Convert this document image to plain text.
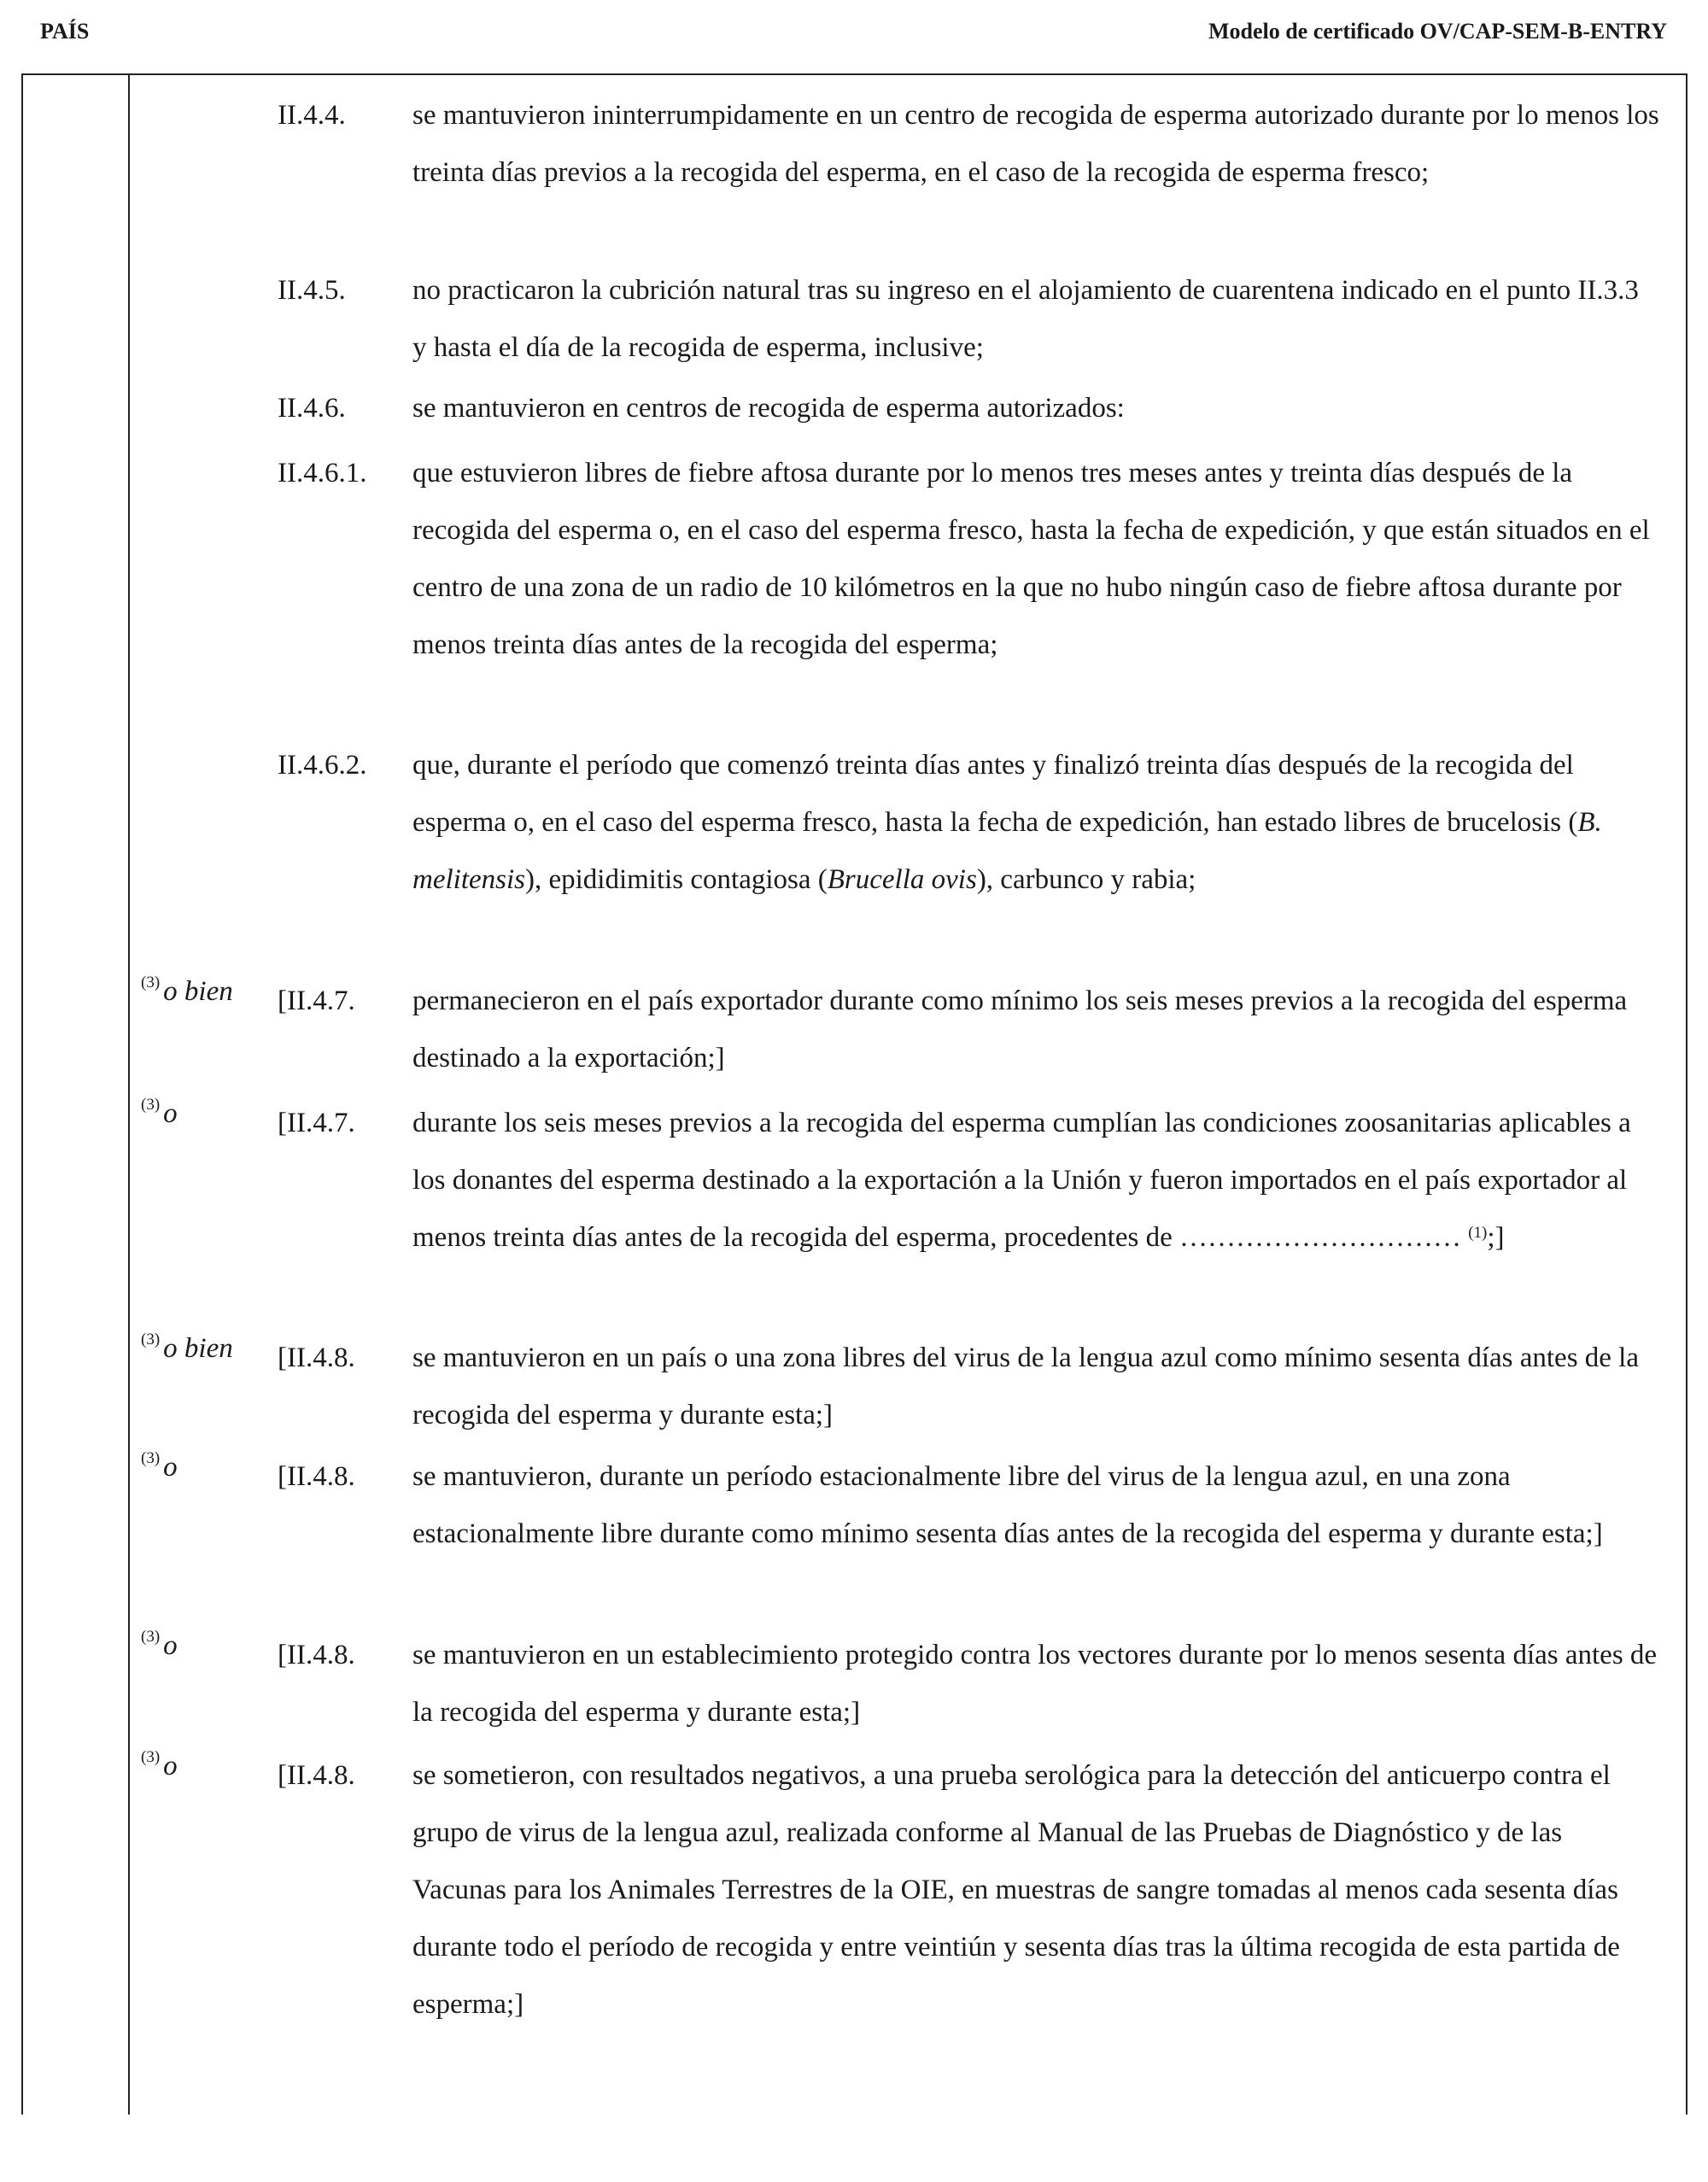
PAÍS	Modelo de certificado OV/CAP-SEM-B-ENTRY
II.4.4. se mantuvieron ininterrumpidamente en un centro de recogida de esperma autorizado durante por lo menos los treinta días previos a la recogida del esperma, en el caso de la recogida de esperma fresco;
II.4.5. no practicaron la cubrición natural tras su ingreso en el alojamiento de cuarentena indicado en el punto II.3.3 y hasta el día de la recogida de esperma, inclusive;
II.4.6. se mantuvieron en centros de recogida de esperma autorizados:
II.4.6.1. que estuvieron libres de fiebre aftosa durante por lo menos tres meses antes y treinta días después de la recogida del esperma o, en el caso del esperma fresco, hasta la fecha de expedición, y que están situados en el centro de una zona de un radio de 10 kilómetros en la que no hubo ningún caso de fiebre aftosa durante por menos treinta días antes de la recogida del esperma;
II.4.6.2. que, durante el período que comenzó treinta días antes y finalizó treinta días después de la recogida del esperma o, en el caso del esperma fresco, hasta la fecha de expedición, han estado libres de brucelosis (B. melitensis), epididimitis contagiosa (Brucella ovis), carbunco y rabia;
$^{(3)}$ o bien [II.4.7. permanecieron en el país exportador durante como mínimo los seis meses previos a la recogida del esperma destinado a la exportación;]
$^{(3)}$ o	[II.4.7. durante los seis meses previos a la recogida del esperma cumplían las condiciones zoosanitarias aplicables a los donantes del esperma destinado a la exportación a la Unión y fueron importados en el país exportador al menos treinta días antes de la recogida del esperma, procedentes de ………………………… $^{(1)}$;]
$^{(3)}$ o bien [II.4.8. se mantuvieron en un país o una zona libres del virus de la lengua azul como mínimo sesenta días antes de la recogida del esperma y durante esta;]
$^{(3)}$ o	[II.4.8. se mantuvieron, durante un período estacionalmente libre del virus de la lengua azul, en una zona estacionalmente libre durante como mínimo sesenta días antes de la recogida del esperma y durante esta;]
$^{(3)}$ o	[II.4.8. se mantuvieron en un establecimiento protegido contra los vectores durante por lo menos sesenta días antes de la recogida del esperma y durante esta;]
$^{(3)}$ o	[II.4.8. se sometieron, con resultados negativos, a una prueba serológica para la detección del anticuerpo contra el grupo de virus de la lengua azul, realizada conforme al Manual de las Pruebas de Diagnóstico y de las Vacunas para los Animales Terrestres de la OIE, en muestras de sangre tomadas al menos cada sesenta días durante todo el período de recogida y entre veintiún y sesenta días tras la última recogida de esta partida de esperma;]
